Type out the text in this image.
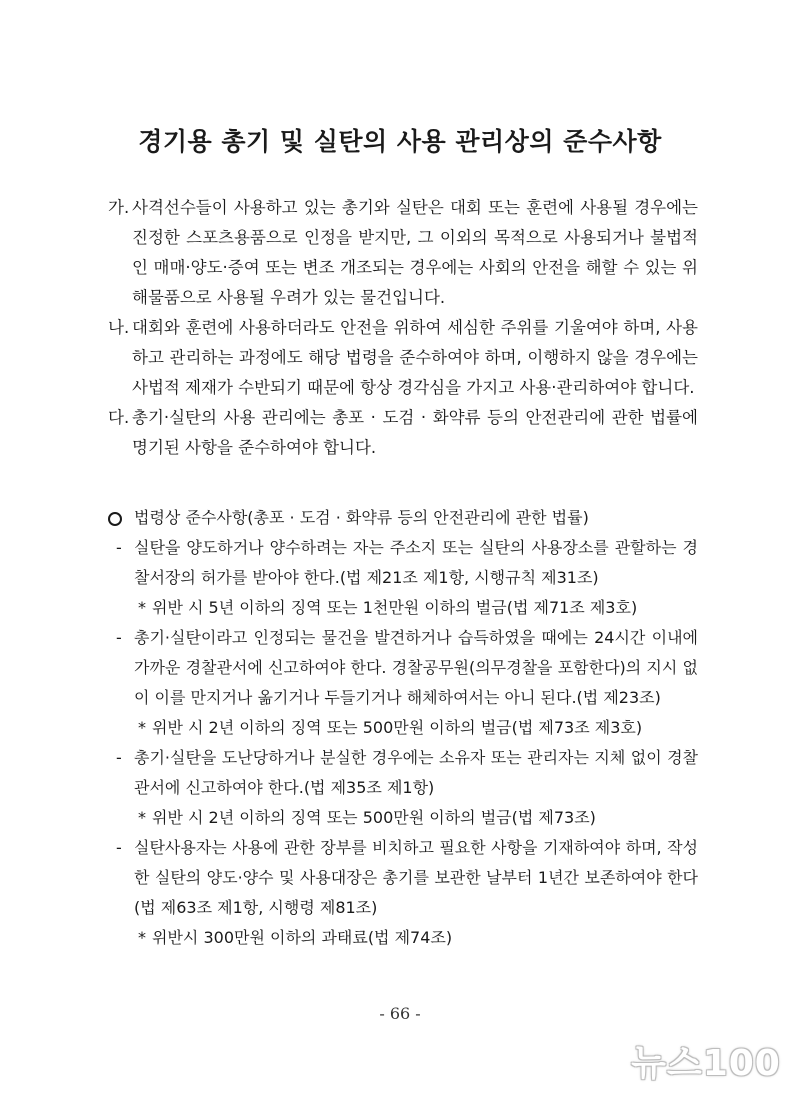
경기용 총기 및 실탄의 사용 관리상의 준수사항
가. 사격선수들이 사용하고 있는 총기와 실탄은 대회 또는 훈련에 사용될 경우에는 진정한 스포츠용품으로 인정을 받지만, 그 이외의 목적으로 사용되거나 불법적인 매매·양도·증여 또는 변조 개조되는 경우에는 사회의 안전을 해할 수 있는 위해물품으로 사용될 우려가 있는 물건입니다.

나. 대회와 훈련에 사용하더라도 안전을 위하여 세심한 주위를 기울여야 하며, 사용하고 관리하는 과정에도 해당 법령을 준수하여야 하며, 이행하지 않을 경우에는 사법적 제재가 수반되기 때문에 항상 경각심을 가지고 사용·관리하여야 합니다.

다. 총기·실탄의 사용 관리에는 총포 · 도검 · 화약류 등의 안전관리에 관한 법률에 명기된 사항을 준수하여야 합니다.

법령상 준수사항(총포 · 도검 · 화약류 등의 안전관리에 관한 법률)
- 실탄을 양도하거나 양수하려는 자는 주소지 또는 실탄의 사용장소를 관할하는 경찰서장의 허가를 받아야 한다.(법 제21조 제1항, 시행규칙 제31조)

* 위반 시 5년 이하의 징역 또는 1천만원 이하의 벌금(법 제71조 제3호)
- 총기·실탄이라고 인정되는 물건을 발견하거나 습득하였을 때에는 24시간 이내에 가까운 경찰관서에 신고하여야 한다. 경찰공무원(의무경찰을 포함한다)의 지시 없이 이를 만지거나 옮기거나 두들기거나 해체하여서는 아니 된다.(법 제23조)

* 위반 시 2년 이하의 징역 또는 500만원 이하의 벌금(법 제73조 제3호)
- 총기·실탄을 도난당하거나 분실한 경우에는 소유자 또는 관리자는 지체 없이 경찰관서에 신고하여야 한다.(법 제35조 제1항)

* 위반 시 2년 이하의 징역 또는 500만원 이하의 벌금(법 제73조)
- 실탄사용자는 사용에 관한 장부를 비치하고 필요한 사항을 기재하여야 하며, 작성한 실탄의 양도·양수 및 사용대장은 총기를 보관한 날부터 1년간 보존하여야 한다(법 제63조 제1항, 시행령 제81조)

* 위반시 300만원 이하의 과태료(법 제74조)
- 66 -
뉴스100
